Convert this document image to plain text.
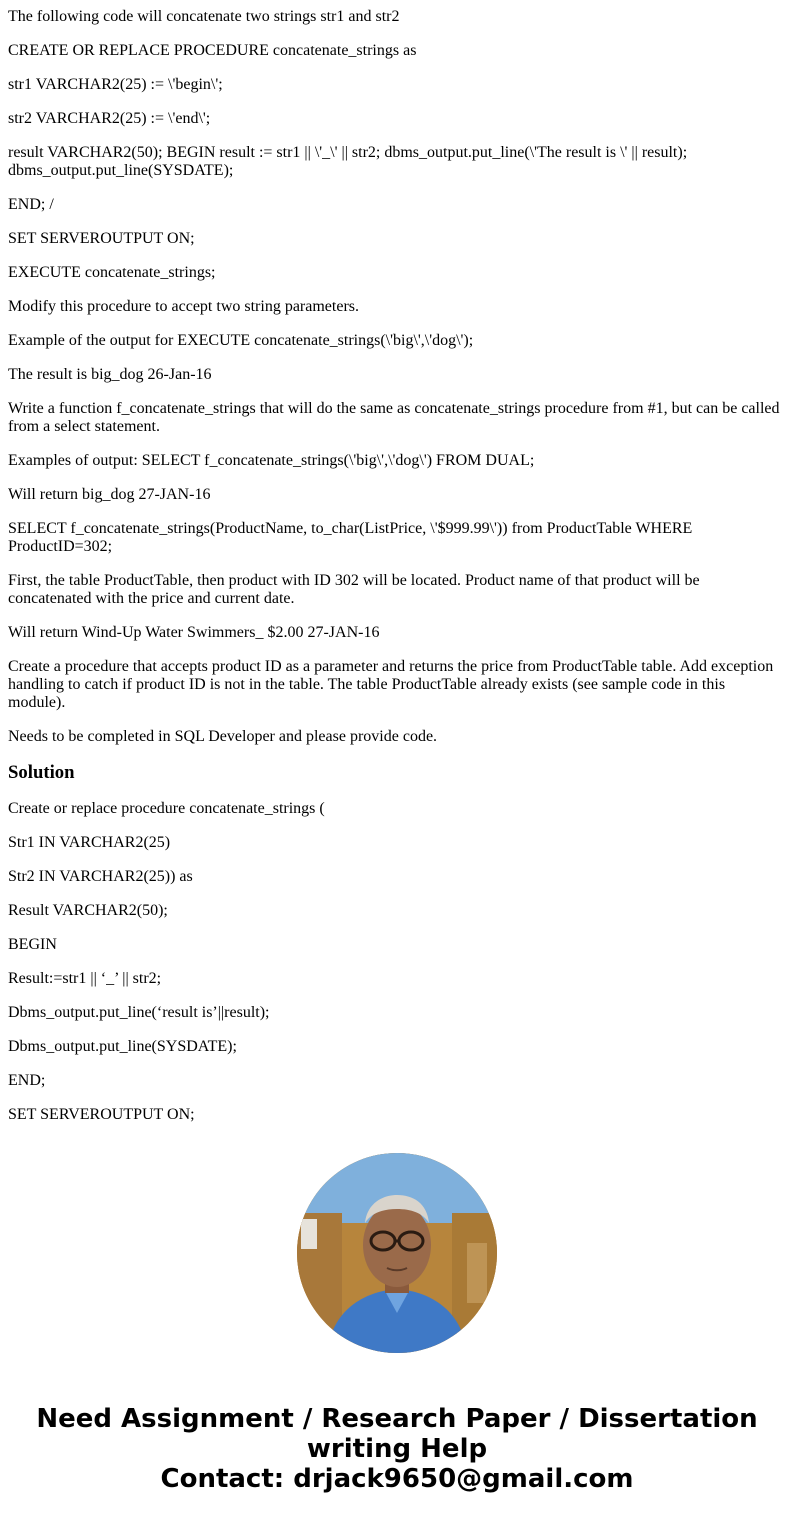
The following code will concatenate two strings str1 and str2

CREATE OR REPLACE PROCEDURE concatenate_strings as

str1 VARCHAR2(25) := \'begin\';

str2 VARCHAR2(25) := \'end\';

result VARCHAR2(50); BEGIN result := str1 || \'_\' || str2; dbms_output.put_line(\'The result is \' || result); dbms_output.put_line(SYSDATE);

END; /

SET SERVEROUTPUT ON;

EXECUTE concatenate_strings;

Modify this procedure to accept two string parameters.

Example of the output for EXECUTE concatenate_strings(\'big\',\'dog\');

The result is big_dog 26-Jan-16

Write a function f_concatenate_strings that will do the same as concatenate_strings procedure from #1, but can be called from a select statement.

Examples of output: SELECT f_concatenate_strings(\'big\',\'dog\') FROM DUAL;

Will return big_dog 27-JAN-16

SELECT f_concatenate_strings(ProductName, to_char(ListPrice, \'$999.99\')) from ProductTable WHERE ProductID=302;

First, the table ProductTable, then product with ID 302 will be located. Product name of that product will be concatenated with the price and current date.

Will return Wind-Up Water Swimmers_ $2.00 27-JAN-16

Create a procedure that accepts product ID as a parameter and returns the price from ProductTable table. Add exception handling to catch if product ID is not in the table. The table ProductTable already exists (see sample code in this module).

Needs to be completed in SQL Developer and please provide code.

Solution

Create or replace procedure concatenate_strings (

Str1 IN VARCHAR2(25)

Str2 IN VARCHAR2(25)) as

Result VARCHAR2(50);

BEGIN

Result:=str1 || ‘_’ || str2;

Dbms_output.put_line(‘result is’||result);

Dbms_output.put_line(SYSDATE);

END;

SET SERVEROUTPUT ON;

Need Assignment / Research Paper / Dissertation
writing Help
Contact: drjack9650@gmail.com
